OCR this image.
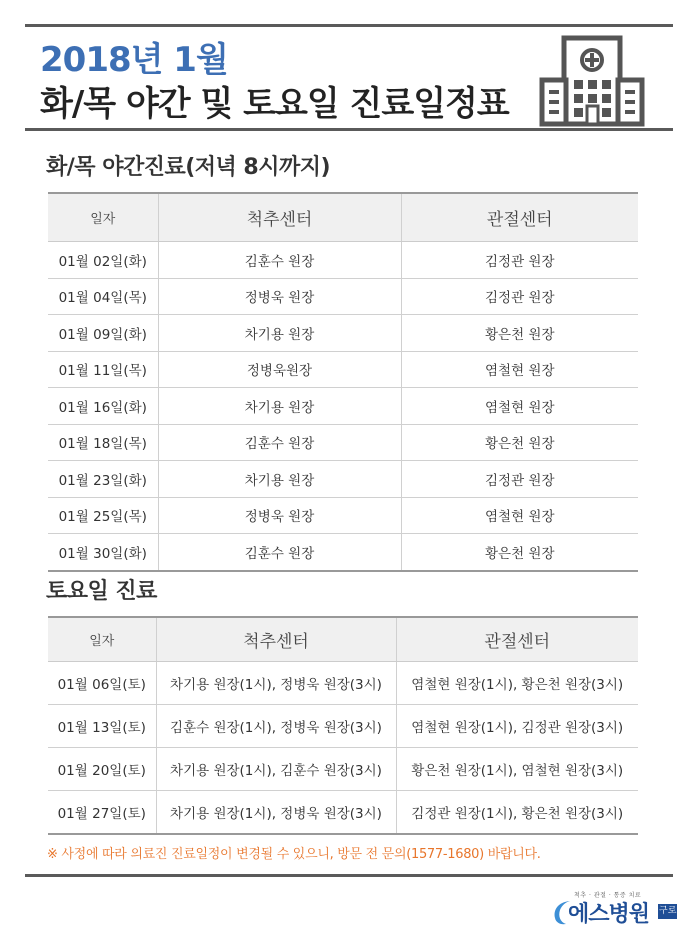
2018년 1월
화/목 야간 및 토요일 진료일정표
화/목 야간진료(저녁 8시까지)
일자	척추센터	관절센터
01월 02일(화)	김훈수 원장	김정관 원장
01월 04일(목)	정병욱 원장	김정관 원장
01월 09일(화)	차기용 원장	황은천 원장
01월 11일(목)	정병욱원장	염철현 원장
01월 16일(화)	차기용 원장	염철현 원장
01월 18일(목)	김훈수 원장	황은천 원장
01월 23일(화)	차기용 원장	김정관 원장
01월 25일(목)	정병욱 원장	염철현 원장
01월 30일(화)	김훈수 원장	황은천 원장
토요일 진료
일자	척추센터	관절센터
01월 06일(토)	차기용 원장(1시), 정병욱 원장(3시)	염철현 원장(1시), 황은천 원장(3시)
01월 13일(토)	김훈수 원장(1시), 정병욱 원장(3시)	염철현 원장(1시), 김정관 원장(3시)
01월 20일(토)	차기용 원장(1시), 김훈수 원장(3시)	황은천 원장(1시), 염철현 원장(3시)
01월 27일(토)	차기용 원장(1시), 정병욱 원장(3시)	김정관 원장(1시), 황은천 원장(3시)
※ 사정에 따라 의료진 진료일정이 변경될 수 있으니, 방문 전 문의(1577-1680) 바랍니다.
척추 · 관절 · 통증 치료
에스병원 구로
